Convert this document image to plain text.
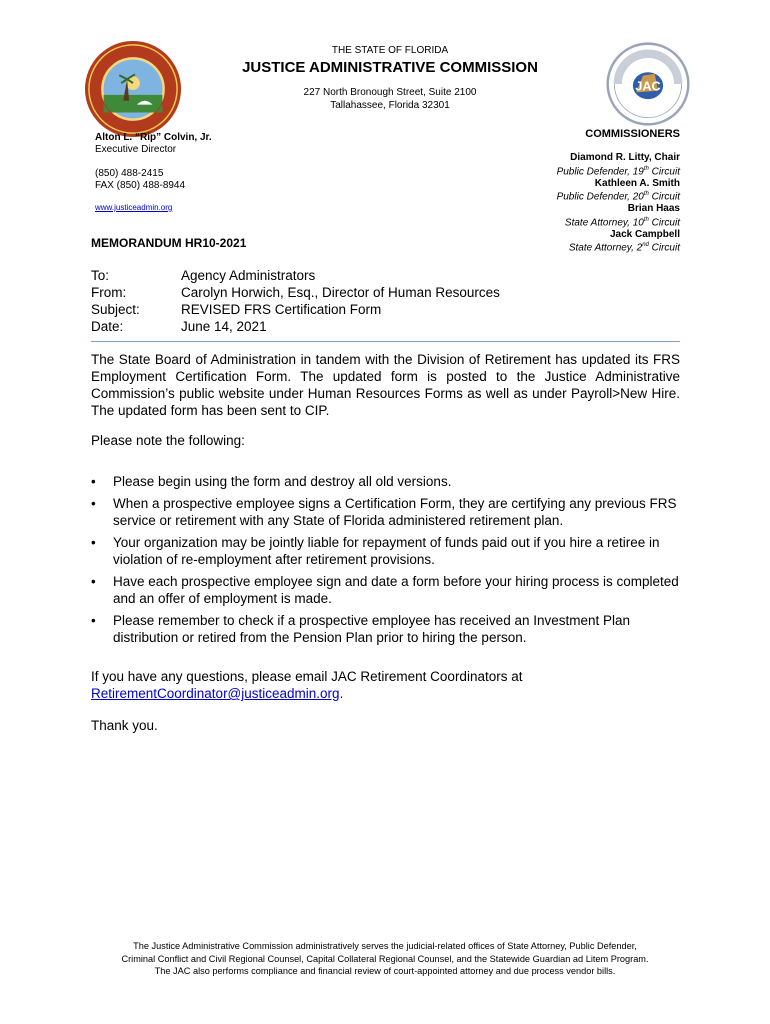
THE STATE OF FLORIDA
JUSTICE ADMINISTRATIVE COMMISSION
227 North Bronough Street, Suite 2100
Tallahassee, Florida 32301
JAC
Alton L. “Rip” Colvin, Jr.
Executive Director
(850) 488-2415
FAX (850) 488-8944
www.justiceadmin.org
COMMISSIONERS
Diamond R. Litty, Chair
Public Defender, 19th Circuit
Kathleen A. Smith
Public Defender, 20th Circuit
Brian Haas
State Attorney, 10th Circuit
Jack Campbell
State Attorney, 2nd Circuit
MEMORANDUM HR10-2021
To:	Agency Administrators
From:	Carolyn Horwich, Esq., Director of Human Resources
Subject:	REVISED FRS Certification Form
Date:	June 14, 2021
The State Board of Administration in tandem with the Division of Retirement has updated its FRS Employment Certification Form. The updated form is posted to the Justice Administrative Commission’s public website under Human Resources Forms as well as under Payroll>New Hire. The updated form has been sent to CIP.
Please note the following:
• Please begin using the form and destroy all old versions.
• When a prospective employee signs a Certification Form, they are certifying any previous FRS service or retirement with any State of Florida administered retirement plan.
• Your organization may be jointly liable for repayment of funds paid out if you hire a retiree in violation of re-employment after retirement provisions.
• Have each prospective employee sign and date a form before your hiring process is completed and an offer of employment is made.
• Please remember to check if a prospective employee has received an Investment Plan distribution or retired from the Pension Plan prior to hiring the person.
If you have any questions, please email JAC Retirement Coordinators at
RetirementCoordinator@justiceadmin.org.
Thank you.
The Justice Administrative Commission administratively serves the judicial-related offices of State Attorney, Public Defender,
Criminal Conflict and Civil Regional Counsel, Capital Collateral Regional Counsel, and the Statewide Guardian ad Litem Program.
The JAC also performs compliance and financial review of court-appointed attorney and due process vendor bills.
